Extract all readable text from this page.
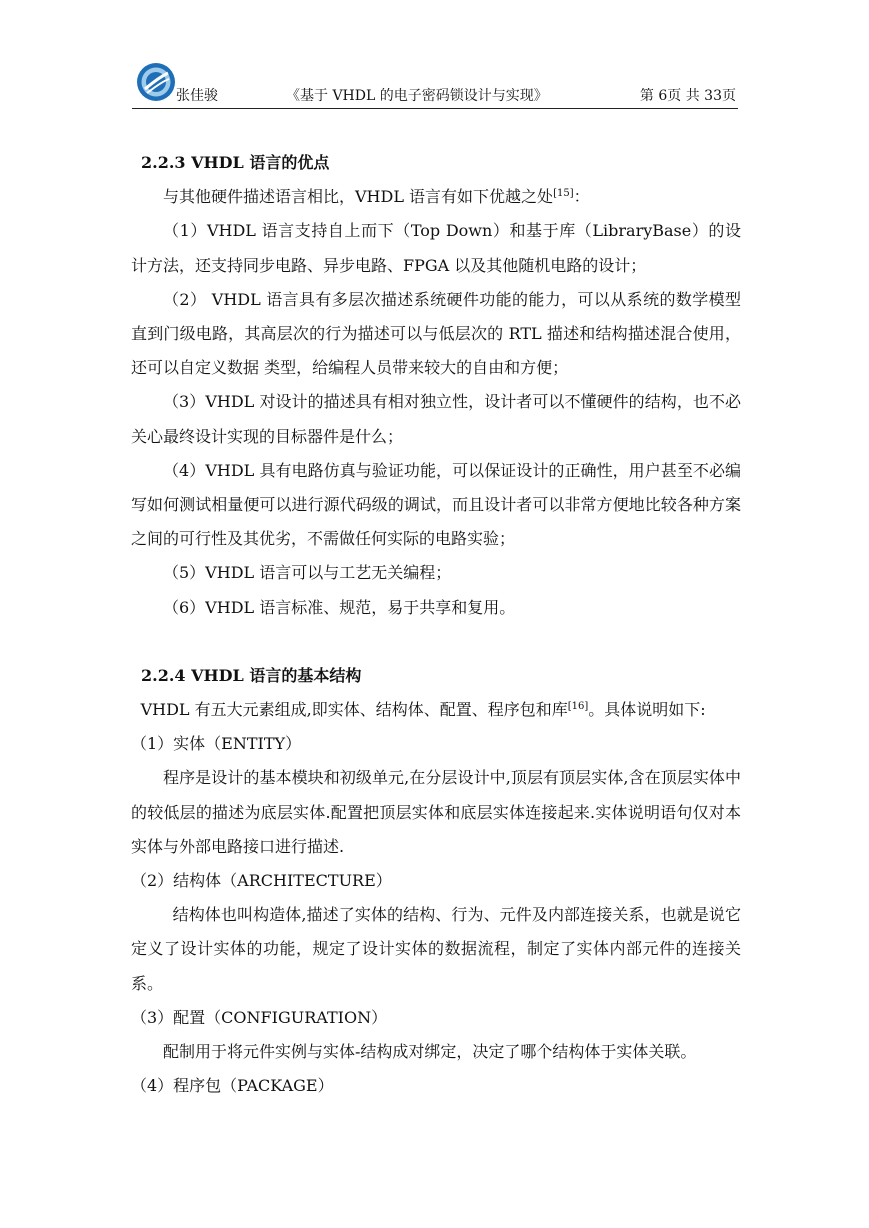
张佳骏	《基于 VHDL 的电子密码锁设计与实现》	第 6页 共 33页

2.2.3 VHDL 语言的优点

与其他硬件描述语言相比，VHDL 语言有如下优越之处[15]：

（1）VHDL 语言支持自上而下（Top Down）和基于库（LibraryBase）的设计方法，还支持同步电路、异步电路、FPGA 以及其他随机电路的设计；

（2） VHDL 语言具有多层次描述系统硬件功能的能力，可以从系统的数学模型直到门级电路，其高层次的行为描述可以与低层次的 RTL 描述和结构描述混合使用，还可以自定义数据 类型，给编程人员带来较大的自由和方便；

（3）VHDL 对设计的描述具有相对独立性，设计者可以不懂硬件的结构，也不必关心最终设计实现的目标器件是什么；

（4）VHDL 具有电路仿真与验证功能，可以保证设计的正确性，用户甚至不必编写如何测试相量便可以进行源代码级的调试，而且设计者可以非常方便地比较各种方案之间的可行性及其优劣，不需做任何实际的电路实验；

（5）VHDL 语言可以与工艺无关编程；

（6）VHDL 语言标准、规范，易于共享和复用。

2.2.4 VHDL 语言的基本结构

VHDL 有五大元素组成,即实体、结构体、配置、程序包和库[16]。具体说明如下:

（1）实体（ENTITY）

程序是设计的基本模块和初级单元,在分层设计中,顶层有顶层实体,含在顶层实体中的较低层的描述为底层实体.配置把顶层实体和底层实体连接起来.实体说明语句仅对本实体与外部电路接口进行描述.

（2）结构体（ARCHITECTURE）

结构体也叫构造体,描述了实体的结构、行为、元件及内部连接关系，也就是说它定义了设计实体的功能，规定了设计实体的数据流程，制定了实体内部元件的连接关系。

（3）配置（CONFIGURATION）

配制用于将元件实例与实体-结构成对绑定，决定了哪个结构体于实体关联。

（4）程序包（PACKAGE）
